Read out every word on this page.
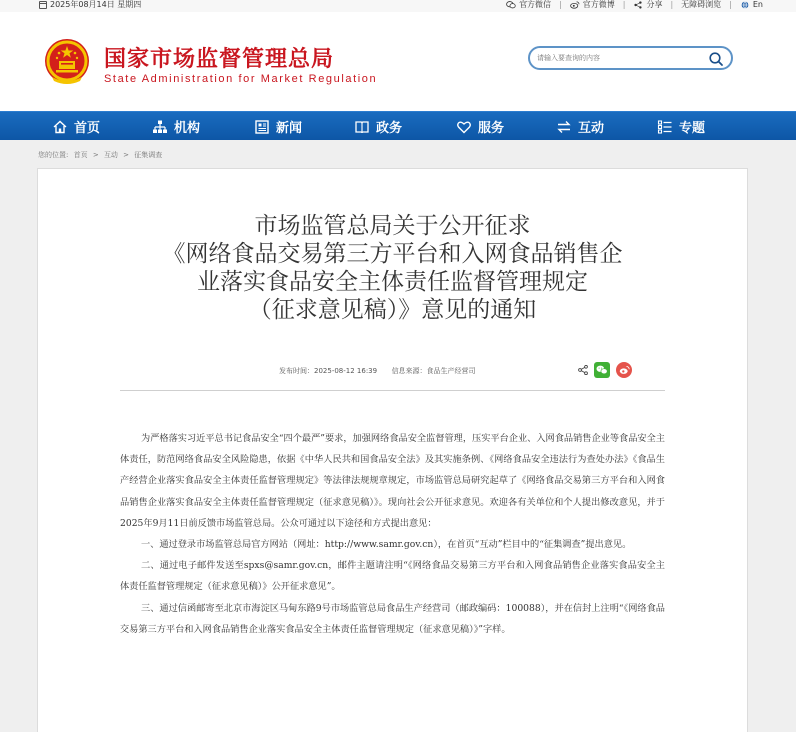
2025年08月14日 星期四	官方微信 |	官方微博 |	分享 | 无障碍浏览 |	En
国家市场监督管理总局
State Administration for Market Regulation
请输入要查询的内容
首页	机构	新闻	政务	服务	互动	专题
您的位置: 首页 > 互动 > 征集调查
市场监管总局关于公开征求
《网络食品交易第三方平台和入网食品销售企
业落实食品安全主体责任监督管理规定
（征求意见稿）》意见的通知
发布时间：2025-08-12 16:39 信息来源：食品生产经营司

为严格落实习近平总书记食品安全“四个最严”要求，加强网络食品安全监督管理，压实平台企业、入网食品销售企业等食品安全主体责任，防范网络食品安全风险隐患，依据《中华人民共和国食品安全法》及其实施条例、《网络食品安全违法行为查处办法》《食品生产经营企业落实食品安全主体责任监督管理规定》等法律法规规章规定，市场监管总局研究起草了《网络食品交易第三方平台和入网食品销售企业落实食品安全主体责任监督管理规定（征求意见稿）》。现向社会公开征求意见。欢迎各有关单位和个人提出修改意见，并于2025年9月11日前反馈市场监管总局。公众可通过以下途径和方式提出意见：

一、通过登录市场监管总局官方网站（网址：http://www.samr.gov.cn），在首页“互动”栏目中的“征集调查”提出意见。

二、通过电子邮件发送至spxs@samr.gov.cn，邮件主题请注明“《网络食品交易第三方平台和入网食品销售企业落实食品安全主体责任监督管理规定（征求意见稿）》公开征求意见”。

三、通过信函邮寄至北京市海淀区马甸东路9号市场监管总局食品生产经营司（邮政编码：100088），并在信封上注明“《网络食品交易第三方平台和入网食品销售企业落实食品安全主体责任监督管理规定（征求意见稿）》”字样。
